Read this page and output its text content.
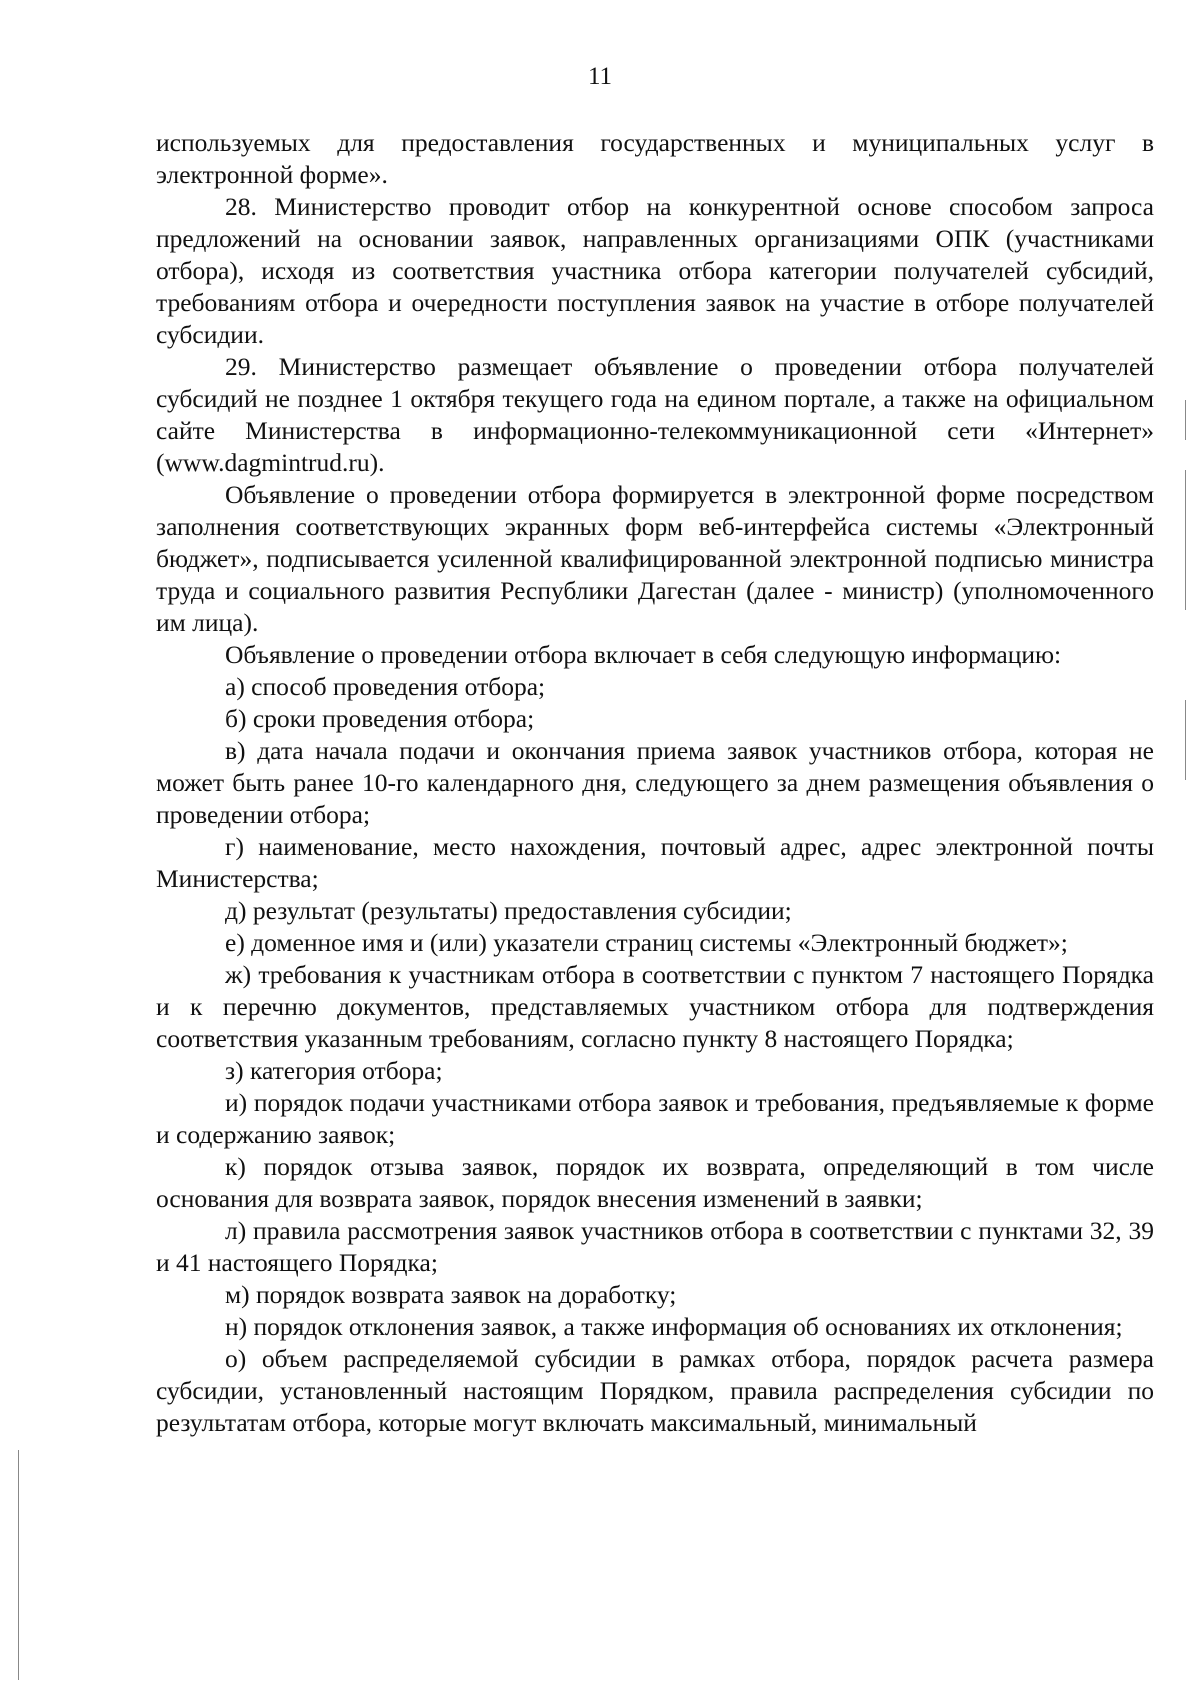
11

используемых для предоставления государственных и муниципальных услуг в электронной форме».

28. Министерство проводит отбор на конкурентной основе способом запроса предложений на основании заявок, направленных организациями ОПК (участниками отбора), исходя из соответствия участника отбора категории получателей субсидий, требованиям отбора и очередности поступления заявок на участие в отборе получателей субсидии.

29. Министерство размещает объявление о проведении отбора получателей субсидий не позднее 1 октября текущего года на едином портале, а также на официальном сайте Министерства в информационно-телекоммуникационной сети «Интернет» (www.dagmintrud.ru).

Объявление о проведении отбора формируется в электронной форме посредством заполнения соответствующих экранных форм веб-интерфейса системы «Электронный бюджет», подписывается усиленной квалифицированной электронной подписью министра труда и социального развития Республики Дагестан (далее - министр) (уполномоченного им лица).

Объявление о проведении отбора включает в себя следующую информацию:

а) способ проведения отбора;

б) сроки проведения отбора;

в) дата начала подачи и окончания приема заявок участников отбора, которая не может быть ранее 10-го календарного дня, следующего за днем размещения объявления о проведении отбора;

г) наименование, место нахождения, почтовый адрес, адрес электронной почты Министерства;

д) результат (результаты) предоставления субсидии;

е) доменное имя и (или) указатели страниц системы «Электронный бюджет»;

ж) требования к участникам отбора в соответствии с пунктом 7 настоящего Порядка и к перечню документов, представляемых участником отбора для подтверждения соответствия указанным требованиям, согласно пункту 8 настоящего Порядка;

з) категория отбора;

и) порядок подачи участниками отбора заявок и требования, предъявляемые к форме и содержанию заявок;

к) порядок отзыва заявок, порядок их возврата, определяющий в том числе основания для возврата заявок, порядок внесения изменений в заявки;

л) правила рассмотрения заявок участников отбора в соответствии с пунктами 32, 39 и 41 настоящего Порядка;

м) порядок возврата заявок на доработку;

н) порядок отклонения заявок, а также информация об основаниях их отклонения;

о) объем распределяемой субсидии в рамках отбора, порядок расчета размера субсидии, установленный настоящим Порядком, правила распределения субсидии по результатам отбора, которые могут включать максимальный, минимальный
